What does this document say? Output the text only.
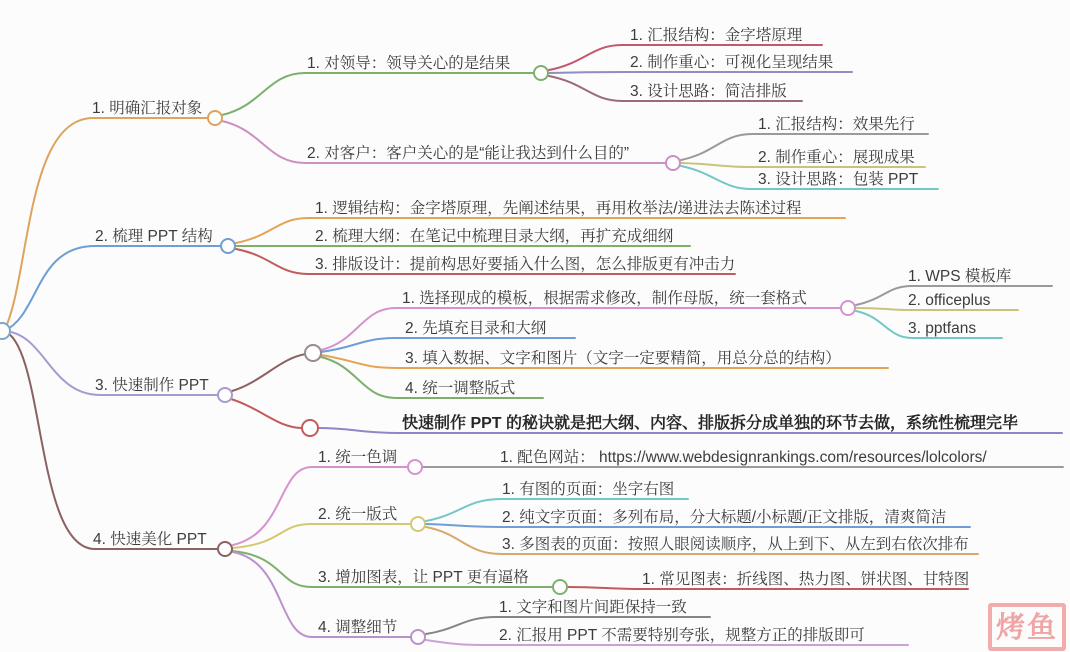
1. 明确汇报对象
2. 梳理 PPT 结构
3. 快速制作 PPT
4. 快速美化 PPT
1. 对领导：领导关心的是结果
1. 汇报结构：金字塔原理
2. 制作重心：可视化呈现结果
3. 设计思路：简洁排版
2. 对客户：客户关心的是“能让我达到什么目的”
1. 汇报结构：效果先行
2. 制作重心：展现成果
3. 设计思路：包装 PPT
1. 逻辑结构：金字塔原理，先阐述结果，再用枚举法/递进法去陈述过程
2. 梳理大纲：在笔记中梳理目录大纲，再扩充成细纲
3. 排版设计：提前构思好要插入什么图，怎么排版更有冲击力
1. 选择现成的模板，根据需求修改，制作母版，统一套格式
1. WPS 模板库
2. officeplus
3. pptfans
2. 先填充目录和大纲
3. 填入数据、文字和图片（文字一定要精简，用总分总的结构）
4. 统一调整版式
快速制作 PPT 的秘诀就是把大纲、内容、排版拆分成单独的环节去做，系统性梳理完毕
1. 统一色调	1. 配色网站： https://www.webdesignrankings.com/resources/lolcolors/
2. 统一版式
1. 有图的页面：坐字右图
2. 纯文字页面：多列布局，分大标题/小标题/正文排版，清爽简洁
3. 多图表的页面：按照人眼阅读顺序，从上到下、从左到右依次排布
3. 增加图表，让 PPT 更有逼格	1. 常见图表：折线图、热力图、饼状图、甘特图
4. 调整细节
1. 文字和图片间距保持一致
2. 汇报用 PPT 不需要特别夸张，规整方正的排版即可	烤鱼
